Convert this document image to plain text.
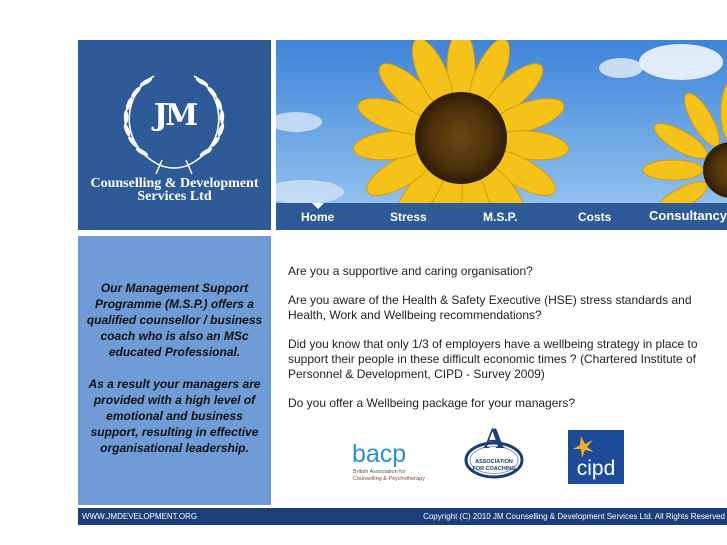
JM
Counselling & Development
Services Ltd
Home	Stress	M.S.P.	Costs	Consultancy

Our Management Support Programme (M.S.P.) offers a qualified counsellor / business coach who is also an MSc educated Professional.

As a result your managers are provided with a high level of emotional and business support, resulting in effective organisational leadership.

Are you a supportive and caring organisation?

Are you aware of the Health & Safety Executive (HSE) stress standards and Health, Work and Wellbeing recommendations?

Did you know that only 1/3 of employers have a wellbeing strategy in place to support their people in these difficult economic times ? (Chartered Institute of Personnel & Development, CIPD - Survey 2009)

Do you offer a Wellbeing package for your managers?

bacp
British Association for
Counselling & Psychotherapy
A
ASSOCIATION
FOR COACHING	cipd
WWW.JMDEVELOPMENT.ORG	Copyright (C) 2010 JM Counselling & Development Services Ltd. All Rights Reserved
